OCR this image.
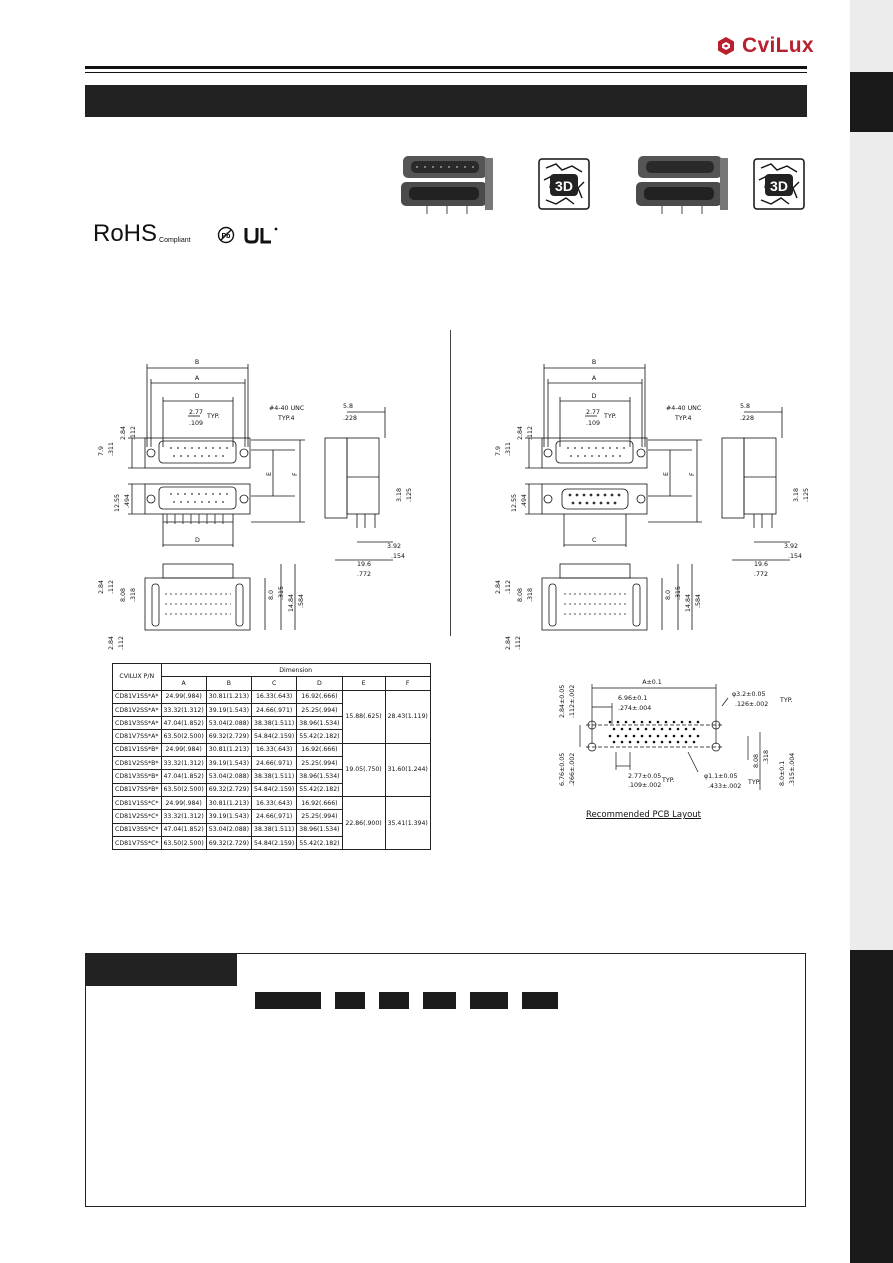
CviLux
3D	3D
RoHS Compliant
Pb
B
A
D
2.77
.109
TYP.
#4-40 UNC
TYP.4
5.8
.228
7.9 .311
2.84 .112
12.55 .494
E	F
3.18 .125
3.92
.154
19.6
.772
D
2.84 .112
8.08 .318
2.84 .112
8.0 .315
14.84 .584
B
A
D
2.77
.109
TYP.
#4-40 UNC
TYP.4
5.8
.228
7.9 .311
2.84 .112
12.55 .494
E	F
3.18 .125
3.92
.154
19.6
.772
C
2.84 .112
8.08 .318
2.84 .112
8.0 .315
14.84 .584
CVILUX P/N	Dimension					
	A	B	C	D	E	F
CD81V1SS*A*	24.99(.984)	30.81(1.213)	16.33(.643)	16.92(.666)	15.88(.625)	28.43(1.119)
CD81V2SS*A*	33.32(1.312)	39.19(1.543)	24.66(.971)	25.25(.994)		
CD81V3SS*A*	47.04(1.852)	53.04(2.088)	38.38(1.511)	38.96(1.534)		
CD81V7SS*A*	63.50(2.500)	69.32(2.729)	54.84(2.159)	55.42(2.182)		
CD81V1SS*B*	24.99(.984)	30.81(1.213)	16.33(.643)	16.92(.666)	19.05(.750)	31.60(1.244)
CD81V2SS*B*	33.32(1.312)	39.19(1.543)	24.66(.971)	25.25(.994)		
CD81V3SS*B*	47.04(1.852)	53.04(2.088)	38.38(1.511)	38.96(1.534)		
CD81V7SS*B*	63.50(2.500)	69.32(2.729)	54.84(2.159)	55.42(2.182)		
CD81V1SS*C*	24.99(.984)	30.81(1.213)	16.33(.643)	16.92(.666)	22.86(.900)	35.41(1.394)
CD81V2SS*C*	33.32(1.312)	39.19(1.543)	24.66(.971)	25.25(.994)		
CD81V3SS*C*	47.04(1.852)	53.04(2.088)	38.38(1.511)	38.96(1.534)		
CD81V7SS*C*	63.50(2.500)	69.32(2.729)	54.84(2.159)	55.42(2.182)		
A±0.1
6.96±0.1
.274±.004
φ3.2±0.05
.126±.002
TYP.
2.84±0.05 .112±.002
6.76±0.05 .266±.002	2.77±0.05
.109±.002
TYP.
φ1.1±0.05
.433±.002
TYP.
8.08 .318
8.0±0.1 .315±.004
Recommended PCB Layout
